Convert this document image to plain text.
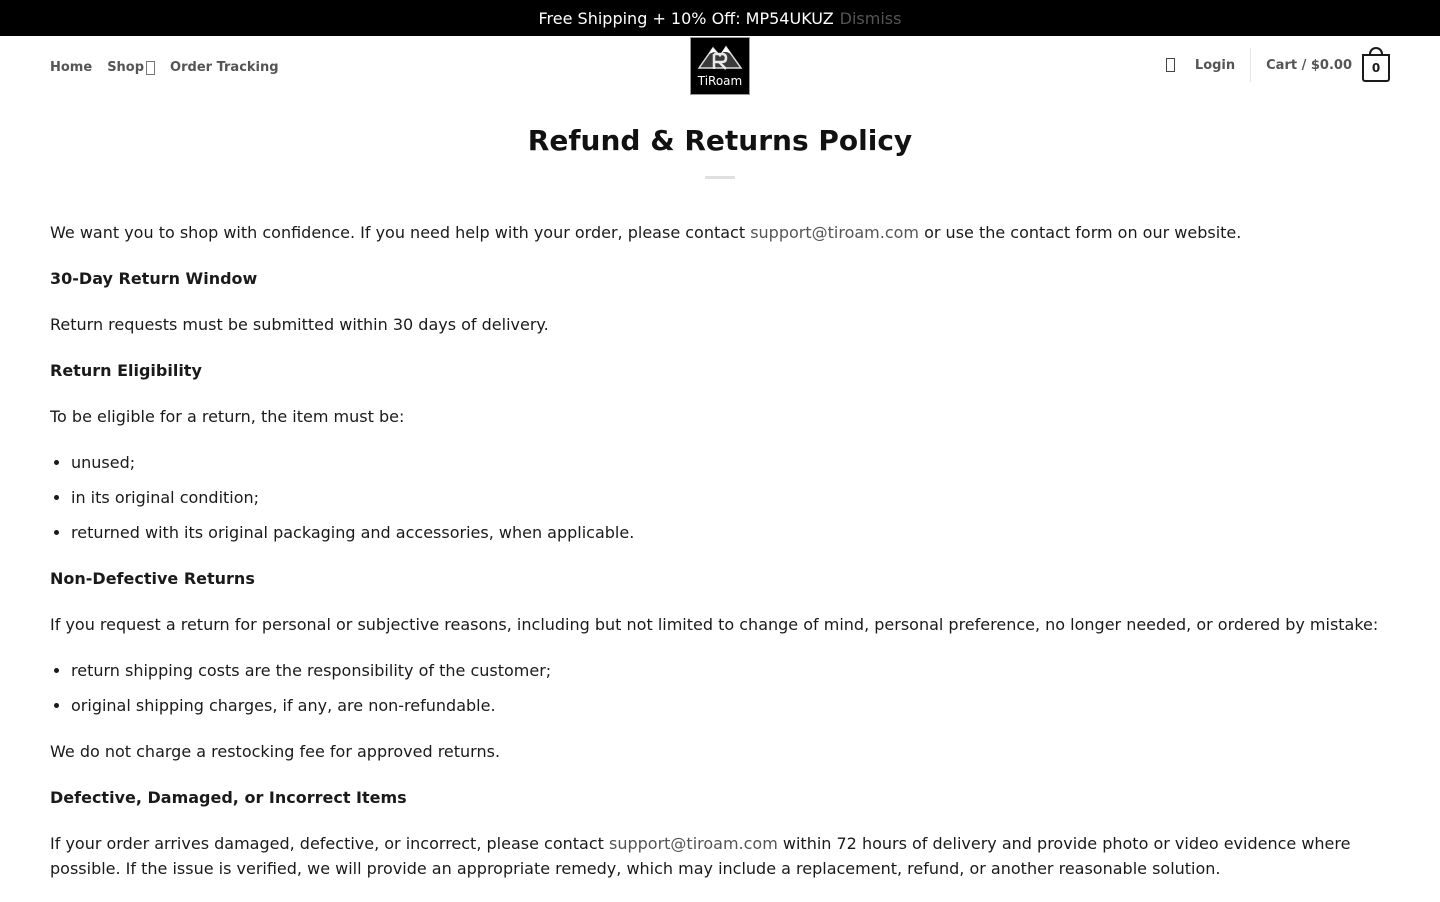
Free Shipping + 10% Off: MP54UKUZ Dismiss
Home Shop Order Tracking
TiRoam
Login Cart / $0.00 0
Refund & Returns Policy

We want you to shop with confidence. If you need help with your order, please contact support@tiroam.com or use the contact form on our website.

30-Day Return Window

Return requests must be submitted within 30 days of delivery.

Return Eligibility

To be eligible for a return, the item must be:

• unused;
• in its original condition;
• returned with its original packaging and accessories, when applicable.

Non-Defective Returns

If you request a return for personal or subjective reasons, including but not limited to change of mind, personal preference, no longer needed, or ordered by mistake:

• return shipping costs are the responsibility of the customer;
• original shipping charges, if any, are non-refundable.

We do not charge a restocking fee for approved returns.

Defective, Damaged, or Incorrect Items

If your order arrives damaged, defective, or incorrect, please contact support@tiroam.com within 72 hours of delivery and provide photo or video evidence where possible. If the issue is verified, we will provide an appropriate remedy, which may include a replacement, refund, or another reasonable solution.
